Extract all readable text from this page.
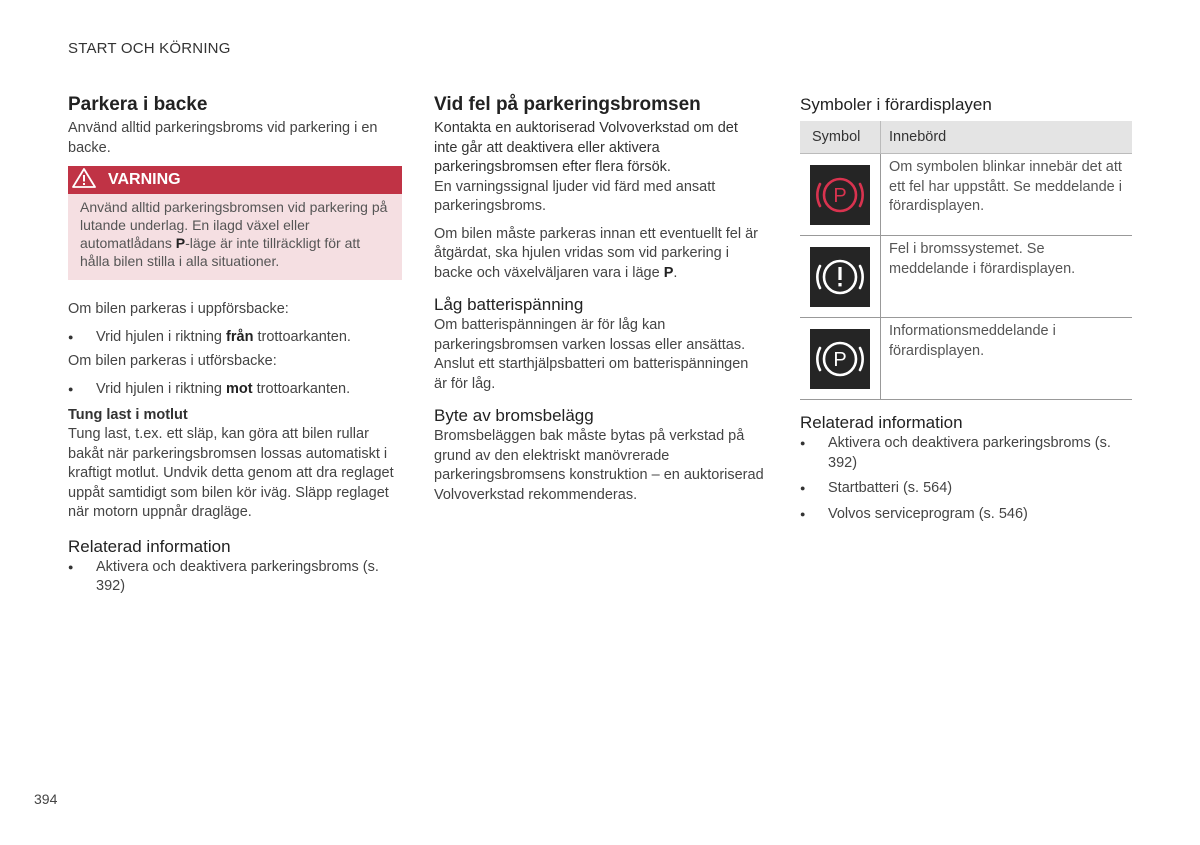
START OCH KÖRNING
Parkera i backe

Använd alltid parkeringsbroms vid parkering i en backe.

VARNING
Använd alltid parkeringsbromsen vid parkering på lutande underlag. En ilagd växel eller automatlådans P-läge är inte tillräckligt för att hålla bilen stilla i alla situationer.

Om bilen parkeras i uppförsbacke:

● Vrid hjulen i riktning från trottoarkanten.

Om bilen parkeras i utförsbacke:

● Vrid hjulen i riktning mot trottoarkanten.
Tung last i motlut

Tung last, t.ex. ett släp, kan göra att bilen rullar bakåt när parkeringsbromsen lossas automatiskt i kraftigt motlut. Undvik detta genom att dra reglaget uppåt samtidigt som bilen kör iväg. Släpp reglaget när motorn uppnår dragläge.

Relaterad information
● Aktivera och deaktivera parkeringsbroms (s. 392)
Vid fel på parkeringsbromsen

Kontakta en auktoriserad Volvoverkstad om det inte går att deaktivera eller aktivera parkeringsbromsen efter flera försök.

En varningssignal ljuder vid färd med ansatt parkeringsbroms.

Om bilen måste parkeras innan ett eventuellt fel är åtgärdat, ska hjulen vridas som vid parkering i backe och växelväljaren vara i läge P.

Låg batterispänning

Om batterispänningen är för låg kan parkeringsbromsen varken lossas eller ansättas. Anslut ett starthjälpsbatteri om batterispänningen är för låg.

Byte av bromsbelägg

Bromsbeläggen bak måste bytas på verkstad på grund av den elektriskt manövrerade parkeringsbromsens konstruktion – en auktoriserad Volvoverkstad rekommenderas.

Symboler i förardisplayen
Symbol	Innebörd

P	Om symbolen blinkar innebär det att ett fel har uppstått. Se meddelande i förardisplayen.
	Fel i bromssystemet. Se meddelande i förardisplayen.

P	Informationsmeddelande i förardisplayen.
Relaterad information
● Aktivera och deaktivera parkeringsbroms (s. 392)
● Startbatteri (s. 564)
● Volvos serviceprogram (s. 546)
394
